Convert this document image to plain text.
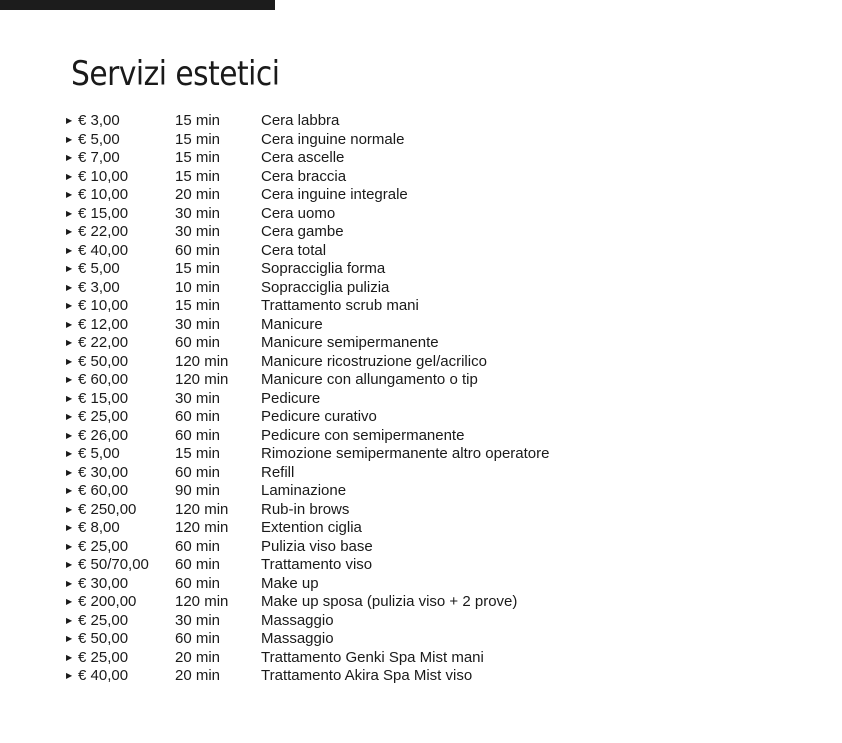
Servizi estetici
▶ € 3,00	15 min	Cera labbra
▶ € 5,00	15 min	Cera inguine normale
▶ € 7,00	15 min	Cera ascelle
▶ € 10,00	15 min	Cera braccia
▶ € 10,00	20 min	Cera inguine integrale
▶ € 15,00	30 min	Cera uomo
▶ € 22,00	30 min	Cera gambe
▶ € 40,00	60 min	Cera total
▶ € 5,00	15 min	Sopracciglia forma
▶ € 3,00	10 min	Sopracciglia pulizia
▶ € 10,00	15 min	Trattamento scrub mani
▶ € 12,00	30 min	Manicure
▶ € 22,00	60 min	Manicure semipermanente
▶ € 50,00	120 min	Manicure ricostruzione gel/acrilico
▶ € 60,00	120 min	Manicure con allungamento o tip
▶ € 15,00	30 min	Pedicure
▶ € 25,00	60 min	Pedicure curativo
▶ € 26,00	60 min	Pedicure con semipermanente
▶ € 5,00	15 min	Rimozione semipermanente altro operatore
▶ € 30,00	60 min	Refill
▶ € 60,00	90 min	Laminazione
▶ € 250,00	120 min	Rub-in brows
▶ € 8,00	120 min	Extention ciglia
▶ € 25,00	60 min	Pulizia viso base
▶ € 50/70,00	60 min	Trattamento viso
▶ € 30,00	60 min	Make up
▶ € 200,00	120 min	Make up sposa (pulizia viso + 2 prove)
▶ € 25,00	30 min	Massaggio
▶ € 50,00	60 min	Massaggio
▶ € 25,00	20 min	Trattamento Genki Spa Mist mani
▶ € 40,00	20 min	Trattamento Akira Spa Mist viso
